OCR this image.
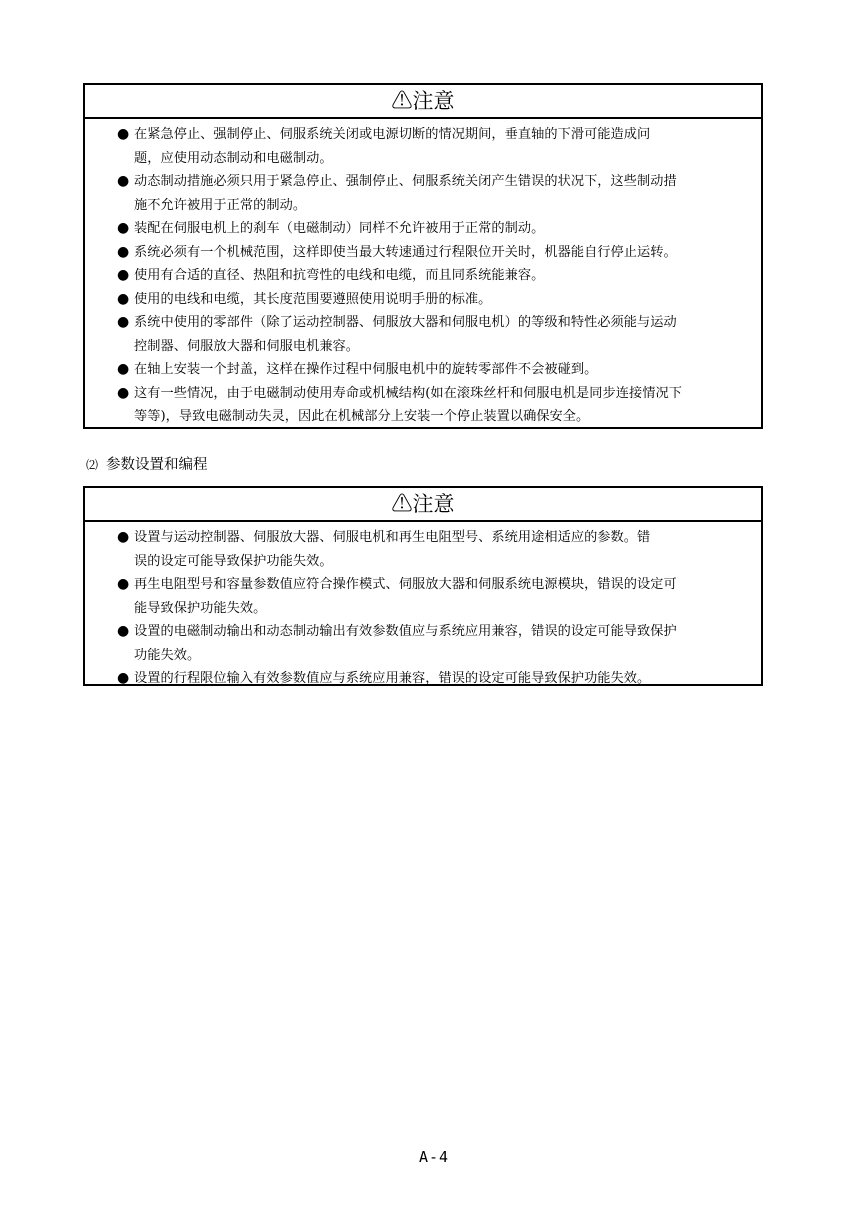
⚠注意
● 在紧急停止、强制停止、伺服系统关闭或电源切断的情况期间，垂直轴的下滑可能造成问
题，应使用动态制动和电磁制动。
● 动态制动措施必须只用于紧急停止、强制停止、伺服系统关闭产生错误的状况下，这些制动措
施不允许被用于正常的制动。
● 装配在伺服电机上的刹车（电磁制动）同样不允许被用于正常的制动。
● 系统必须有一个机械范围，这样即使当最大转速通过行程限位开关时，机器能自行停止运转。
● 使用有合适的直径、热阻和抗弯性的电线和电缆，而且同系统能兼容。
● 使用的电线和电缆，其长度范围要遵照使用说明手册的标准。
● 系统中使用的零部件（除了运动控制器、伺服放大器和伺服电机）的等级和特性必须能与运动
控制器、伺服放大器和伺服电机兼容。
● 在轴上安装一个封盖，这样在操作过程中伺服电机中的旋转零部件不会被碰到。
● 这有一些情况，由于电磁制动使用寿命或机械结构(如在滚珠丝杆和伺服电机是同步连接情况下
等等)，导致电磁制动失灵，因此在机械部分上安装一个停止装置以确保安全。
⑵ 参数设置和编程
⚠注意
● 设置与运动控制器、伺服放大器、伺服电机和再生电阻型号、系统用途相适应的参数。错
误的设定可能导致保护功能失效。
● 再生电阻型号和容量参数值应符合操作模式、伺服放大器和伺服系统电源模块，错误的设定可
能导致保护功能失效。
● 设置的电磁制动输出和动态制动输出有效参数值应与系统应用兼容，错误的设定可能导致保护
功能失效。
● 设置的行程限位输入有效参数值应与系统应用兼容，错误的设定可能导致保护功能失效。
A-4
